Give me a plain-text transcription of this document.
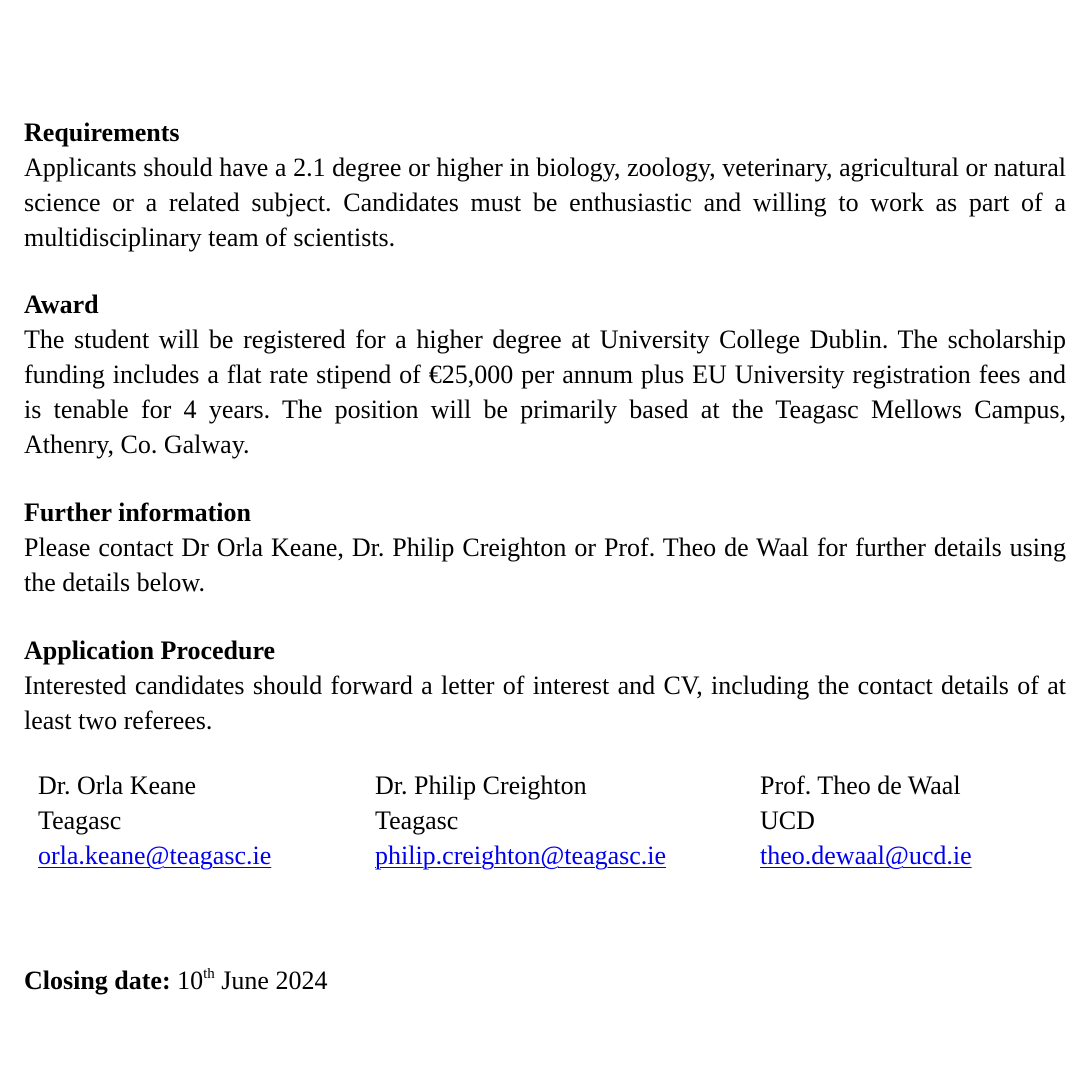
Requirements

Applicants should have a 2.1 degree or higher in biology, zoology, veterinary, agricultural or natural science or a related subject. Candidates must be enthusiastic and willing to work as part of a multidisciplinary team of scientists.

Award

The student will be registered for a higher degree at University College Dublin. The scholarship funding includes a flat rate stipend of €25,000 per annum plus EU University registration fees and is tenable for 4 years. The position will be primarily based at the Teagasc Mellows Campus, Athenry, Co. Galway.

Further information

Please contact Dr Orla Keane, Dr. Philip Creighton or Prof. Theo de Waal for further details using the details below.

Application Procedure

Interested candidates should forward a letter of interest and CV, including the contact details of at least two referees.

Dr. Orla Keane
Teagasc
orla.keane@teagasc.ie
Dr. Philip Creighton
Teagasc
philip.creighton@teagasc.ie
Prof. Theo de Waal
UCD
theo.dewaal@ucd.ie
Closing date: 10th June 2024
